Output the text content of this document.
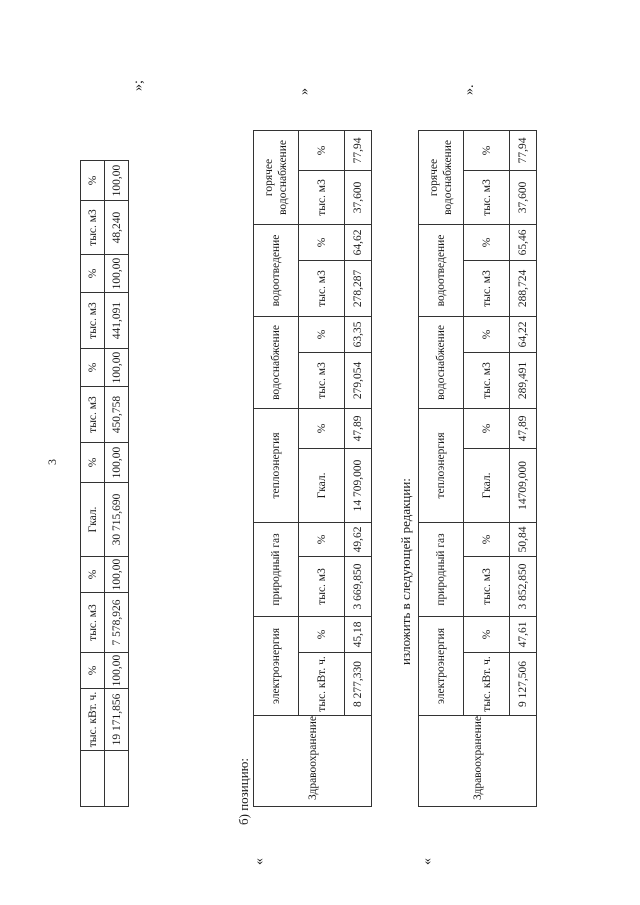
3
	тыс. кВт. ч.	%	тыс. м3	%	Гкал.	%	тыс. м3	%	тыс. м3	%	тыс. м3	%
	19 171,856	100,00	7 578,926	100,00	30 715,690	100,00	450,758	100,00	441,091	100,00	48,240	100,00
»;
б) позицию:
«
Здравоохранение	электроэнергия		природный газ		теплоэнергия		водоснабжение		водоотведение		горячее водоснабжение	
	тыс. кВт. ч.	%	тыс. м3	%	Гкал.	%	тыс. м3	%	тыс. м3	%	тыс. м3	%
	8 277,330	45,18	3 669,850	49,62	14 709,000	47,89	279,054	63,35	278,287	64,62	37,600	77,94
»
изложить в следующей редакции:
«
Здравоохранение	электроэнергия		природный газ		теплоэнергия		водоснабжение		водоотведение		горячее водоснабжение	
	тыс. кВт. ч.	%	тыс. м3	%	Гкал.	%	тыс. м3	%	тыс. м3	%	тыс. м3	%
	9 127,506	47,61	3 852,850	50,84	14709,000	47,89	289,491	64,22	288,724	65,46	37,600	77,94
».
